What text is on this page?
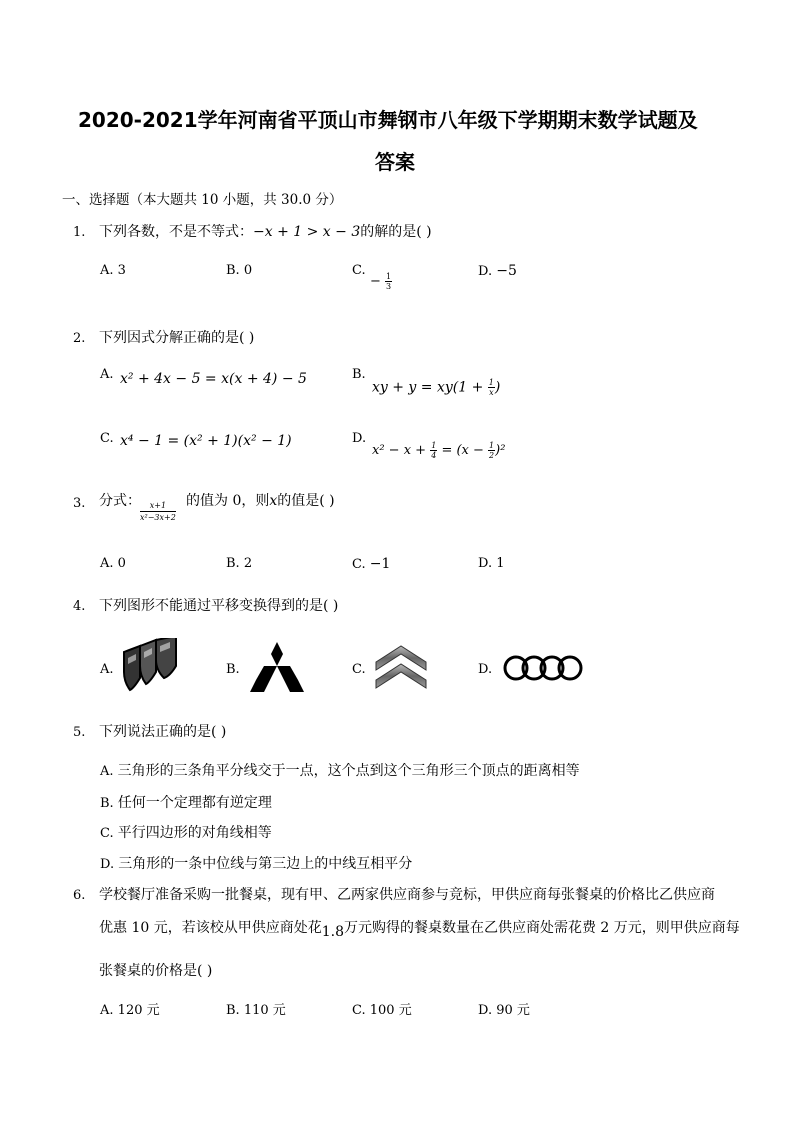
2020-2021学年河南省平顶山市舞钢市八年级下学期期末数学试题及
答案
一、选择题（本大题共 10 小题，共 30.0 分）
1. 下列各数，不是不等式：−x + 1 > x − 3的解的是( )
A. 3	B. 0	C.
− $\frac{1}{3}$
D. −5
2. 下列因式分解正确的是( )
A. x² + 4x − 5 = x(x + 4) − 5	B.
xy + $y = xy(1 + \frac{1}{x}$ )
C. x⁴ − 1 = (x² + 1)(x² − 1)	D.
$x^2 - x + \frac{1}{4} = (x - \frac{1}{2} )^2$
3. 分式： $\frac{x+1}{\text{x²−3x+2}}$ 的值为 0，则x的值是( )
A. 0	B. 2	C. −1	D. 1
4. 下列图形不能通过平移变换得到的是( )
A.	B.	C.	D.
5. 下列说法正确的是( )
A. 三角形的三条角平分线交于一点，这个点到这个三角形三个顶点的距离相等
B. 任何一个定理都有逆定理
C. 平行四边形的对角线相等
D. 三角形的一条中位线与第三边上的中线互相平分
6. 学校餐厅准备采购一批餐桌，现有甲、乙两家供应商参与竞标，甲供应商每张餐桌的价格比乙供应商
优惠 10 元，若该校从甲供应商处花1.8万元购得的餐桌数量在乙供应商处需花费 2 万元，则甲供应商每
张餐桌的价格是( )
A. 120 元	B. 110 元	C. 100 元	D. 90 元
